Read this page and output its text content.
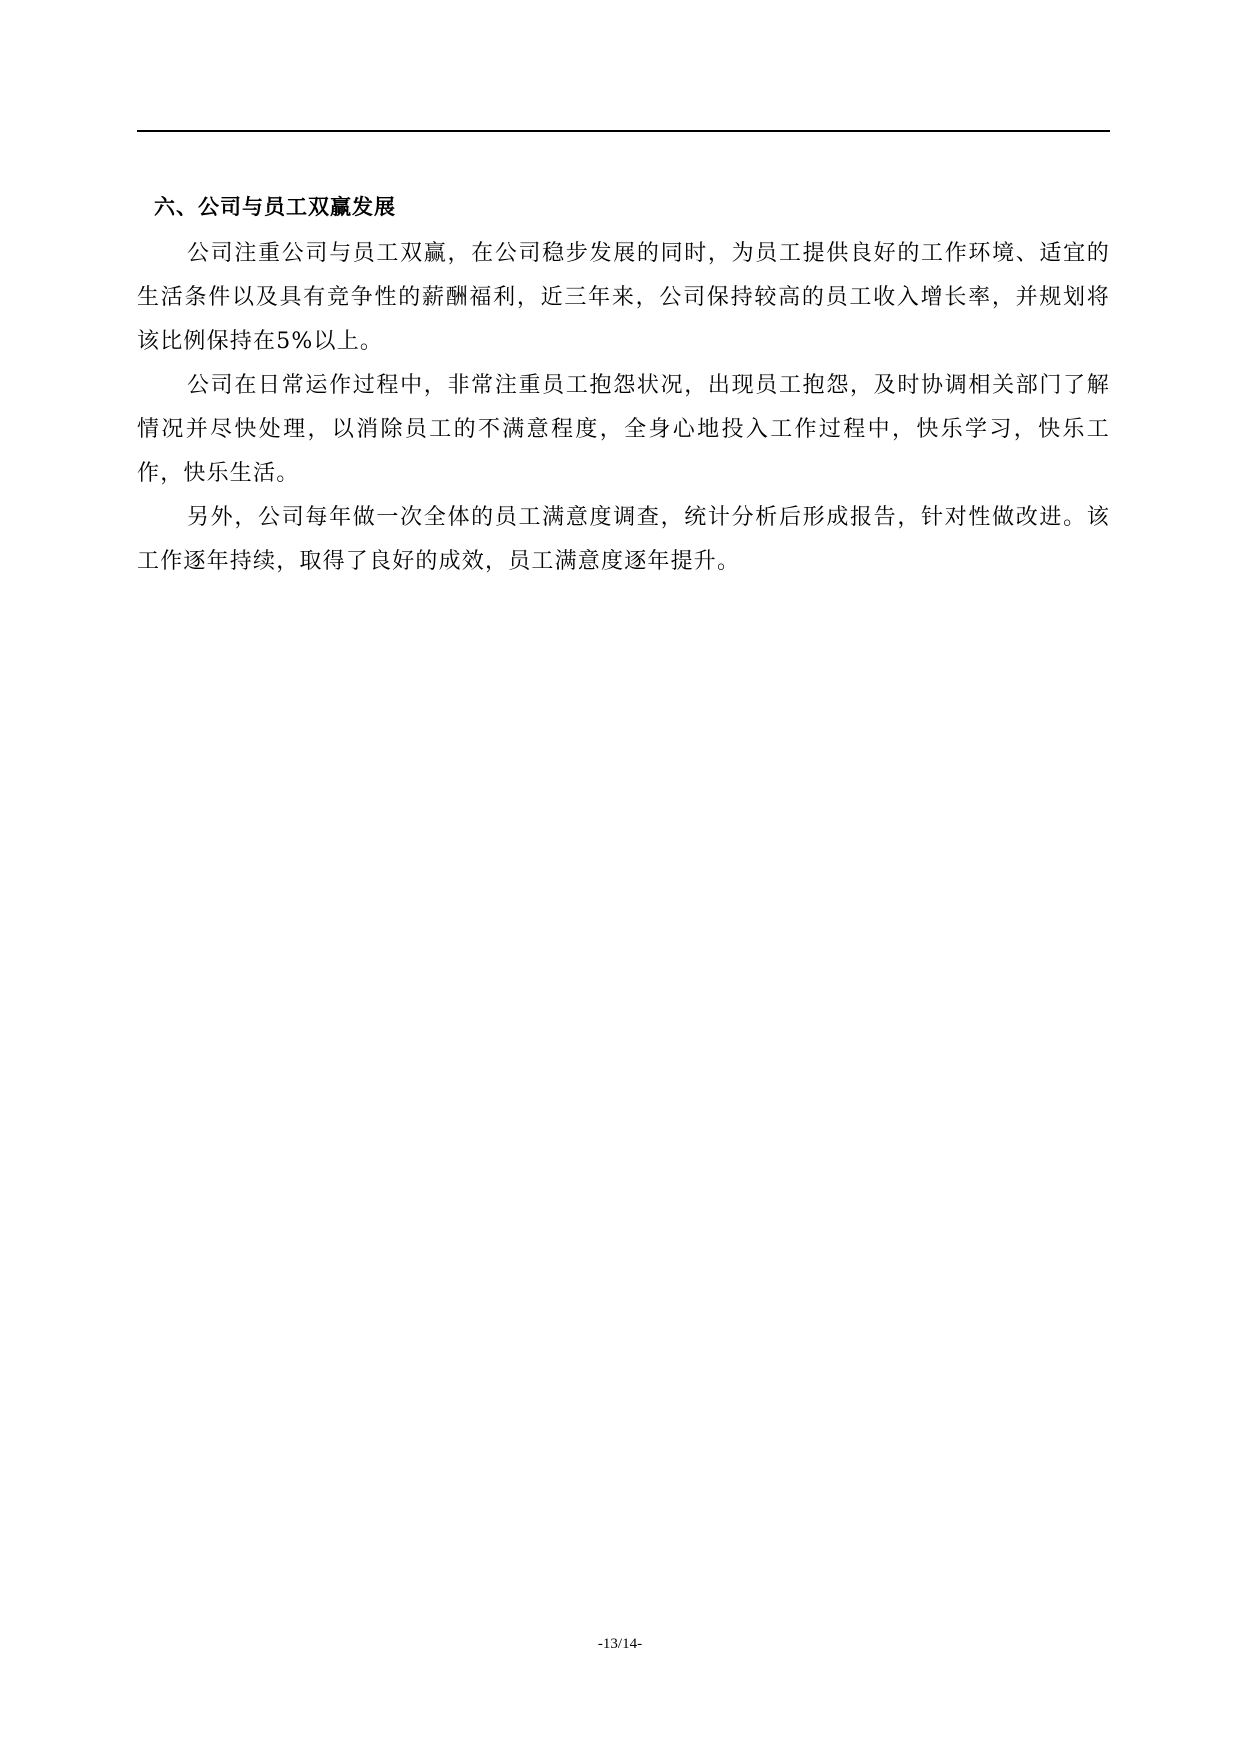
六、公司与员工双赢发展

公司注重公司与员工双赢，在公司稳步发展的同时，为员工提供良好的工作环境、适宜的生活条件以及具有竞争性的薪酬福利，近三年来，公司保持较高的员工收入增长率，并规划将该比例保持在5%以上。

公司在日常运作过程中，非常注重员工抱怨状况，出现员工抱怨，及时协调相关部门了解情况并尽快处理，以消除员工的不满意程度，全身心地投入工作过程中，快乐学习，快乐工作，快乐生活。

另外，公司每年做一次全体的员工满意度调查，统计分析后形成报告，针对性做改进。该工作逐年持续，取得了良好的成效，员工满意度逐年提升。

-13/14-
